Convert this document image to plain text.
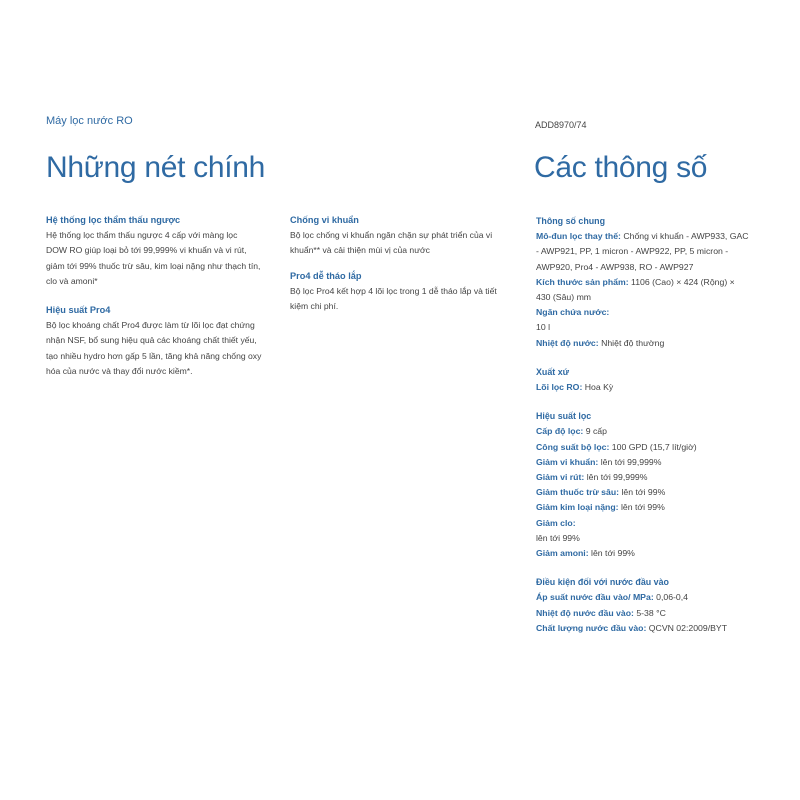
Máy lọc nước RO	ADD8970/74
Những nét chính	Các thông số
Hệ thống lọc thẩm thấu ngược

Hệ thống lọc thẩm thấu ngược 4 cấp với màng lọc

DOW RO giúp loại bỏ tới 99,999% vi khuẩn và vi rút,

giảm tới 99% thuốc trừ sâu, kim loại nặng như thạch tín,

clo và amoni*

Hiệu suất Pro4

Bộ lọc khoáng chất Pro4 được làm từ lõi lọc đạt chứng

nhận NSF, bổ sung hiệu quả các khoáng chất thiết yếu,

tạo nhiều hydro hơn gấp 5 lần, tăng khả năng chống oxy

hóa của nước và thay đổi nước kiềm*.

Chống vi khuẩn

Bộ lọc chống vi khuẩn ngăn chặn sự phát triển của vi

khuẩn** và cải thiện mùi vị của nước

Pro4 dễ tháo lắp

Bộ lọc Pro4 kết hợp 4 lõi lọc trong 1 dễ tháo lắp và tiết

kiệm chi phí.

Thông số chung
Mô-đun lọc thay thế: Chống vi khuẩn - AWP933, GAC
- AWP921, PP, 1 micron - AWP922, PP, 5 micron -
AWP920, Pro4 - AWP938, RO - AWP927
Kích thước sản phẩm: 1106 (Cao) × 424 (Rộng) ×
430 (Sâu) mm
Ngăn chứa nước:
10 l
Nhiệt độ nước: Nhiệt độ thường
Xuất xứ
Lõi lọc RO: Hoa Kỳ
Hiệu suất lọc
Cấp độ lọc: 9 cấp
Công suất bộ lọc: 100 GPD (15,7 lít/giờ)
Giảm vi khuẩn: lên tới 99,999%
Giảm vi rút: lên tới 99,999%
Giảm thuốc trừ sâu: lên tới 99%
Giảm kim loại nặng: lên tới 99%
Giảm clo:
lên tới 99%
Giảm amoni: lên tới 99%
Điều kiện đối với nước đầu vào
Áp suất nước đầu vào/ MPa: 0,06-0,4
Nhiệt độ nước đầu vào: 5-38 °C
Chất lượng nước đầu vào: QCVN 02:2009/BYT
